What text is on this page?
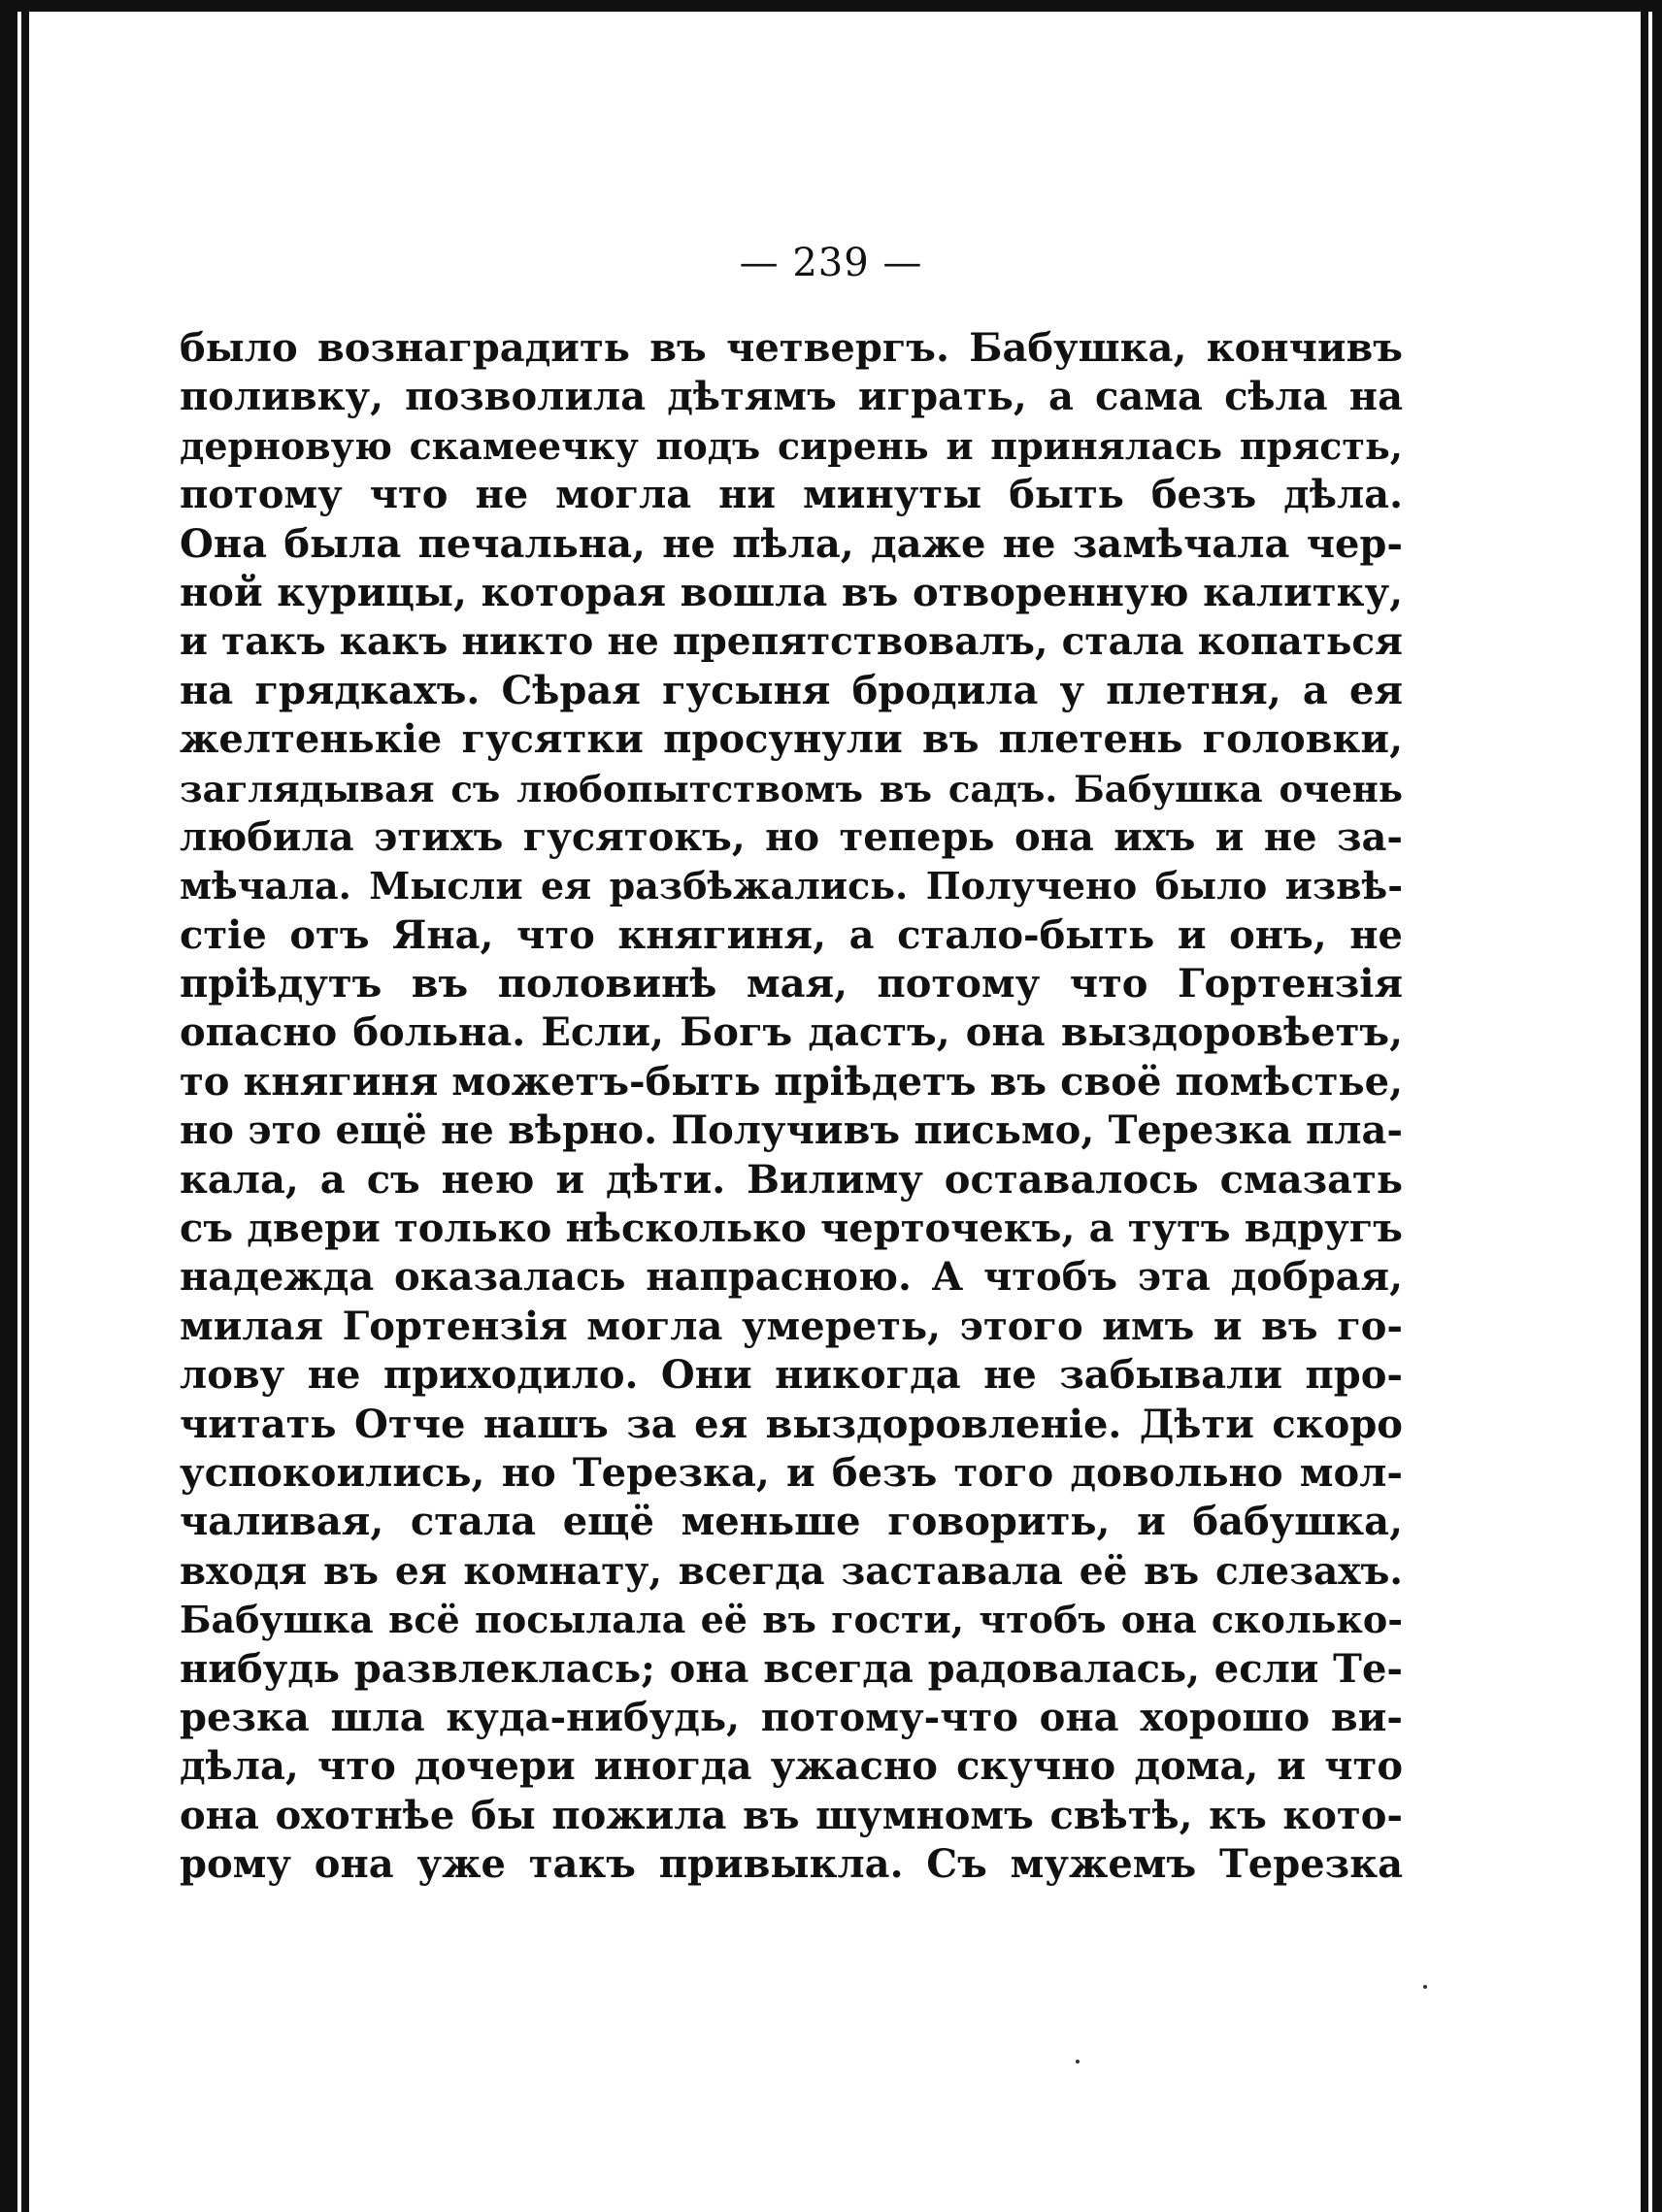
— 239 —
было вознаградить въ четвергъ. Бабушка, кончивъ
поливку, позволила дѣтямъ играть, а сама сѣла на
дерновую скамеечку подъ сирень и принялась прясть,
потому что не могла ни минуты быть безъ дѣла.
Она была печальна, не пѣла, даже не замѣчала чер-
ной курицы, которая вошла въ отворенную калитку,
и такъ какъ никто не препятствовалъ, стала копаться
на грядкахъ. Сѣрая гусыня бродила у плетня, а ея
желтенькіе гусятки просунули въ плетень головки,
заглядывая съ любопытствомъ въ садъ. Бабушка очень
любила этихъ гусятокъ, но теперь она ихъ и не за-
мѣчала. Мысли ея разбѣжались. Получено было извѣ-
стіе отъ Яна, что княгиня, а стало-быть и онъ, не
пріѣдутъ въ половинѣ мая, потому что Гортензія
опасно больна. Если, Богъ дастъ, она выздоровѣетъ,
то княгиня можетъ-быть пріѣдетъ въ своё помѣстье,
но это ещё не вѣрно. Получивъ письмо, Терезка пла-
кала, а съ нею и дѣти. Вилиму оставалось смазать
съ двери только нѣсколько черточекъ, а тутъ вдругъ
надежда оказалась напрасною. А чтобъ эта добрая,
милая Гортензія могла умереть, этого имъ и въ го-
лову не приходило. Они никогда не забывали про-
читать Отче нашъ за ея выздоровленіе. Дѣти скоро
успокоились, но Терезка, и безъ того довольно мол-
чаливая, стала ещё меньше говорить, и бабушка,
входя въ ея комнату, всегда заставала её въ слезахъ.
Бабушка всё посылала её въ гости, чтобъ она сколько-
нибудь развлеклась; она всегда радовалась, если Те-
резка шла куда-нибудь, потому-что она хорошо ви-
дѣла, что дочери иногда ужасно скучно дома, и что
она охотнѣе бы пожила въ шумномъ свѣтѣ, къ кото-
рому она уже такъ привыкла. Съ мужемъ Терезка
